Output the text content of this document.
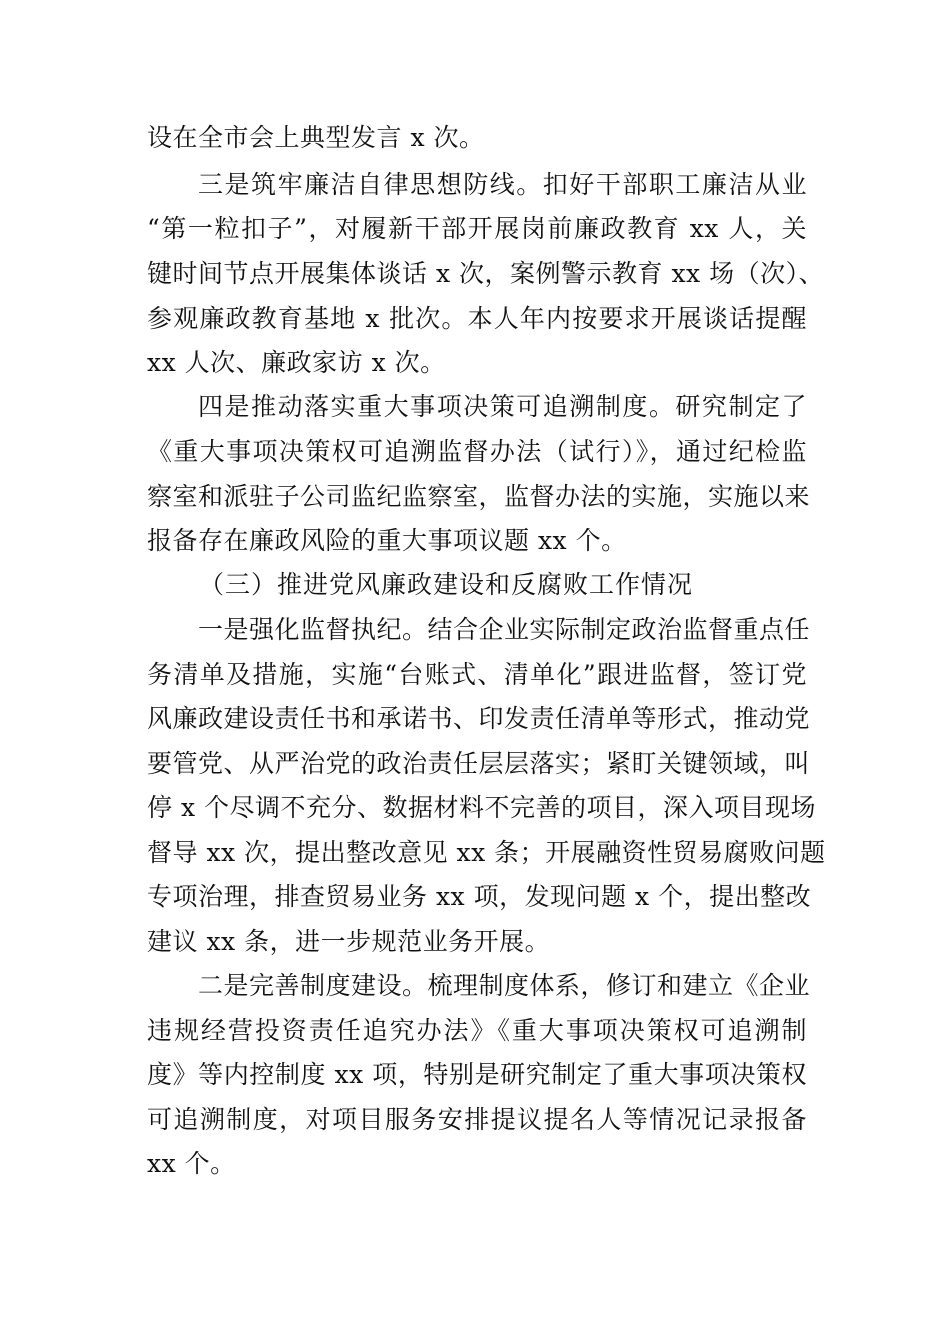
设在全市会上典型发言 x 次。
三是筑牢廉洁自律思想防线。扣好干部职工廉洁从业
“第一粒扣子”，对履新干部开展岗前廉政教育 xx 人，关
键时间节点开展集体谈话 x 次，案例警示教育 xx 场（次）、
参观廉政教育基地 x 批次。本人年内按要求开展谈话提醒
xx 人次、廉政家访 x 次。
四是推动落实重大事项决策可追溯制度。研究制定了
《重大事项决策权可追溯监督办法（试行）》，通过纪检监
察室和派驻子公司监纪监察室，监督办法的实施，实施以来
报备存在廉政风险的重大事项议题 xx 个。
（三）推进党风廉政建设和反腐败工作情况
一是强化监督执纪。结合企业实际制定政治监督重点任
务清单及措施，实施“台账式、清单化”跟进监督，签订党
风廉政建设责任书和承诺书、印发责任清单等形式，推动党
要管党、从严治党的政治责任层层落实；紧盯关键领域，叫
停 x 个尽调不充分、数据材料不完善的项目，深入项目现场
督导 xx 次，提出整改意见 xx 条；开展融资性贸易腐败问题
专项治理，排查贸易业务 xx 项，发现问题 x 个，提出整改
建议 xx 条，进一步规范业务开展。
二是完善制度建设。梳理制度体系，修订和建立《企业
违规经营投资责任追究办法》《重大事项决策权可追溯制
度》等内控制度 xx 项，特别是研究制定了重大事项决策权
可追溯制度，对项目服务安排提议提名人等情况记录报备
xx 个。
